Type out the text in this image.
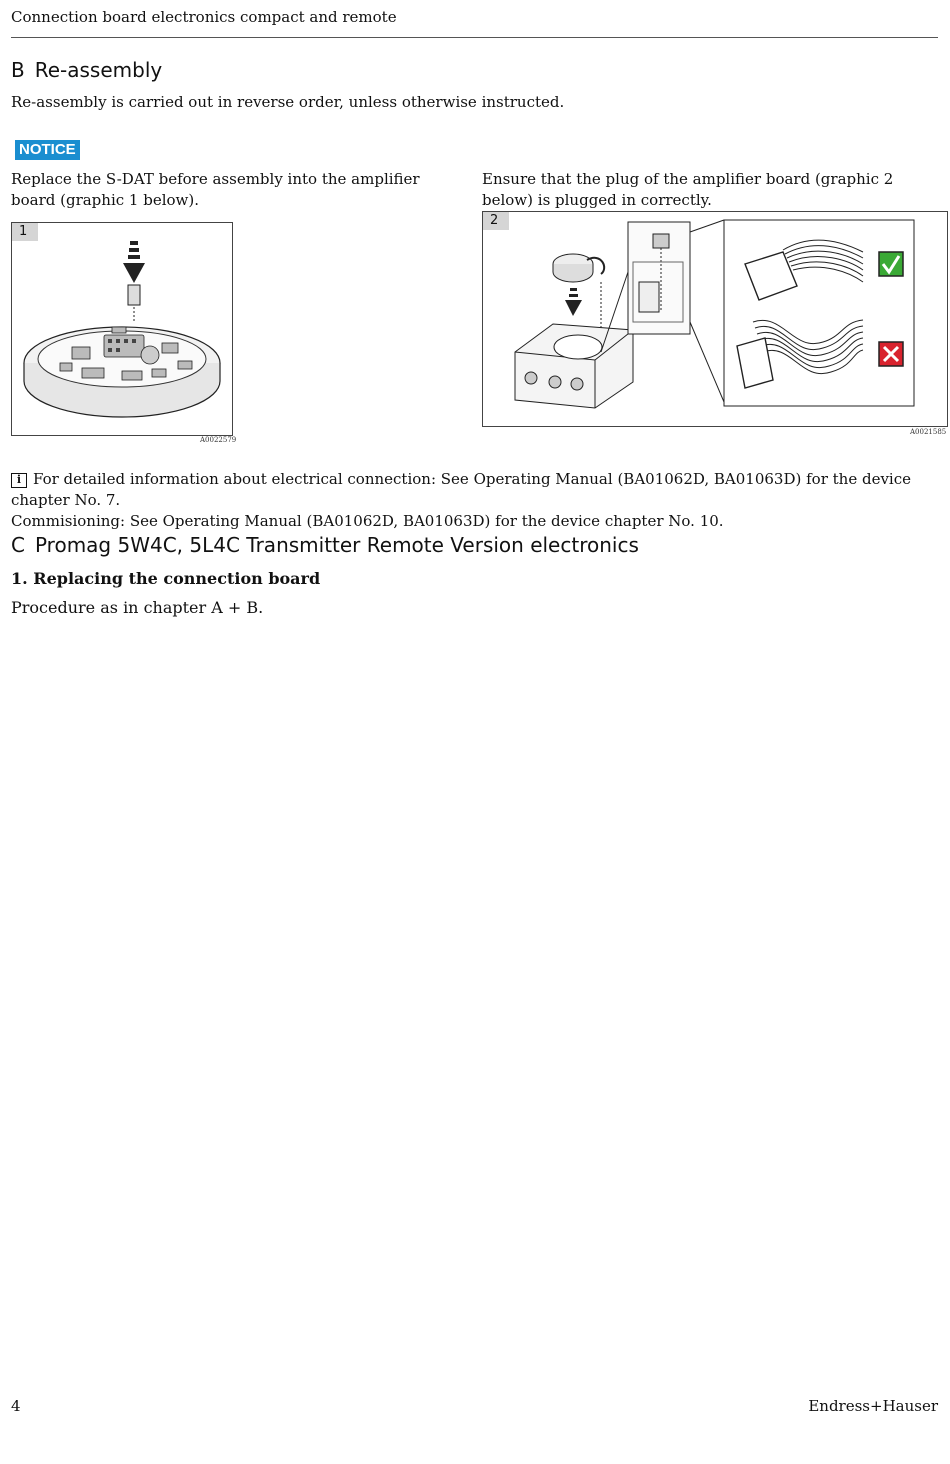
Connection board electronics compact and remote
B Re-assembly

Re-assembly is carried out in reverse order, unless otherwise instructed.

NOTICE

Replace the S-DAT before assembly into the amplifier board (graphic 1 below).

Ensure that the plug of the amplifier board (graphic 2 below) is plugged in correctly.

1
A0022579
2
A0021585

i For detailed information about electrical connection: See Operating Manual (BA01062D, BA01063D) for the device chapter No. 7.
Commisioning: See Operating Manual (BA01062D, BA01063D) for the device chapter No. 10.

C Promag 5W4C, 5L4C Transmitter Remote Version electronics
1. Replacing the connection board

Procedure as in chapter A + B.

4	Endress+Hauser
